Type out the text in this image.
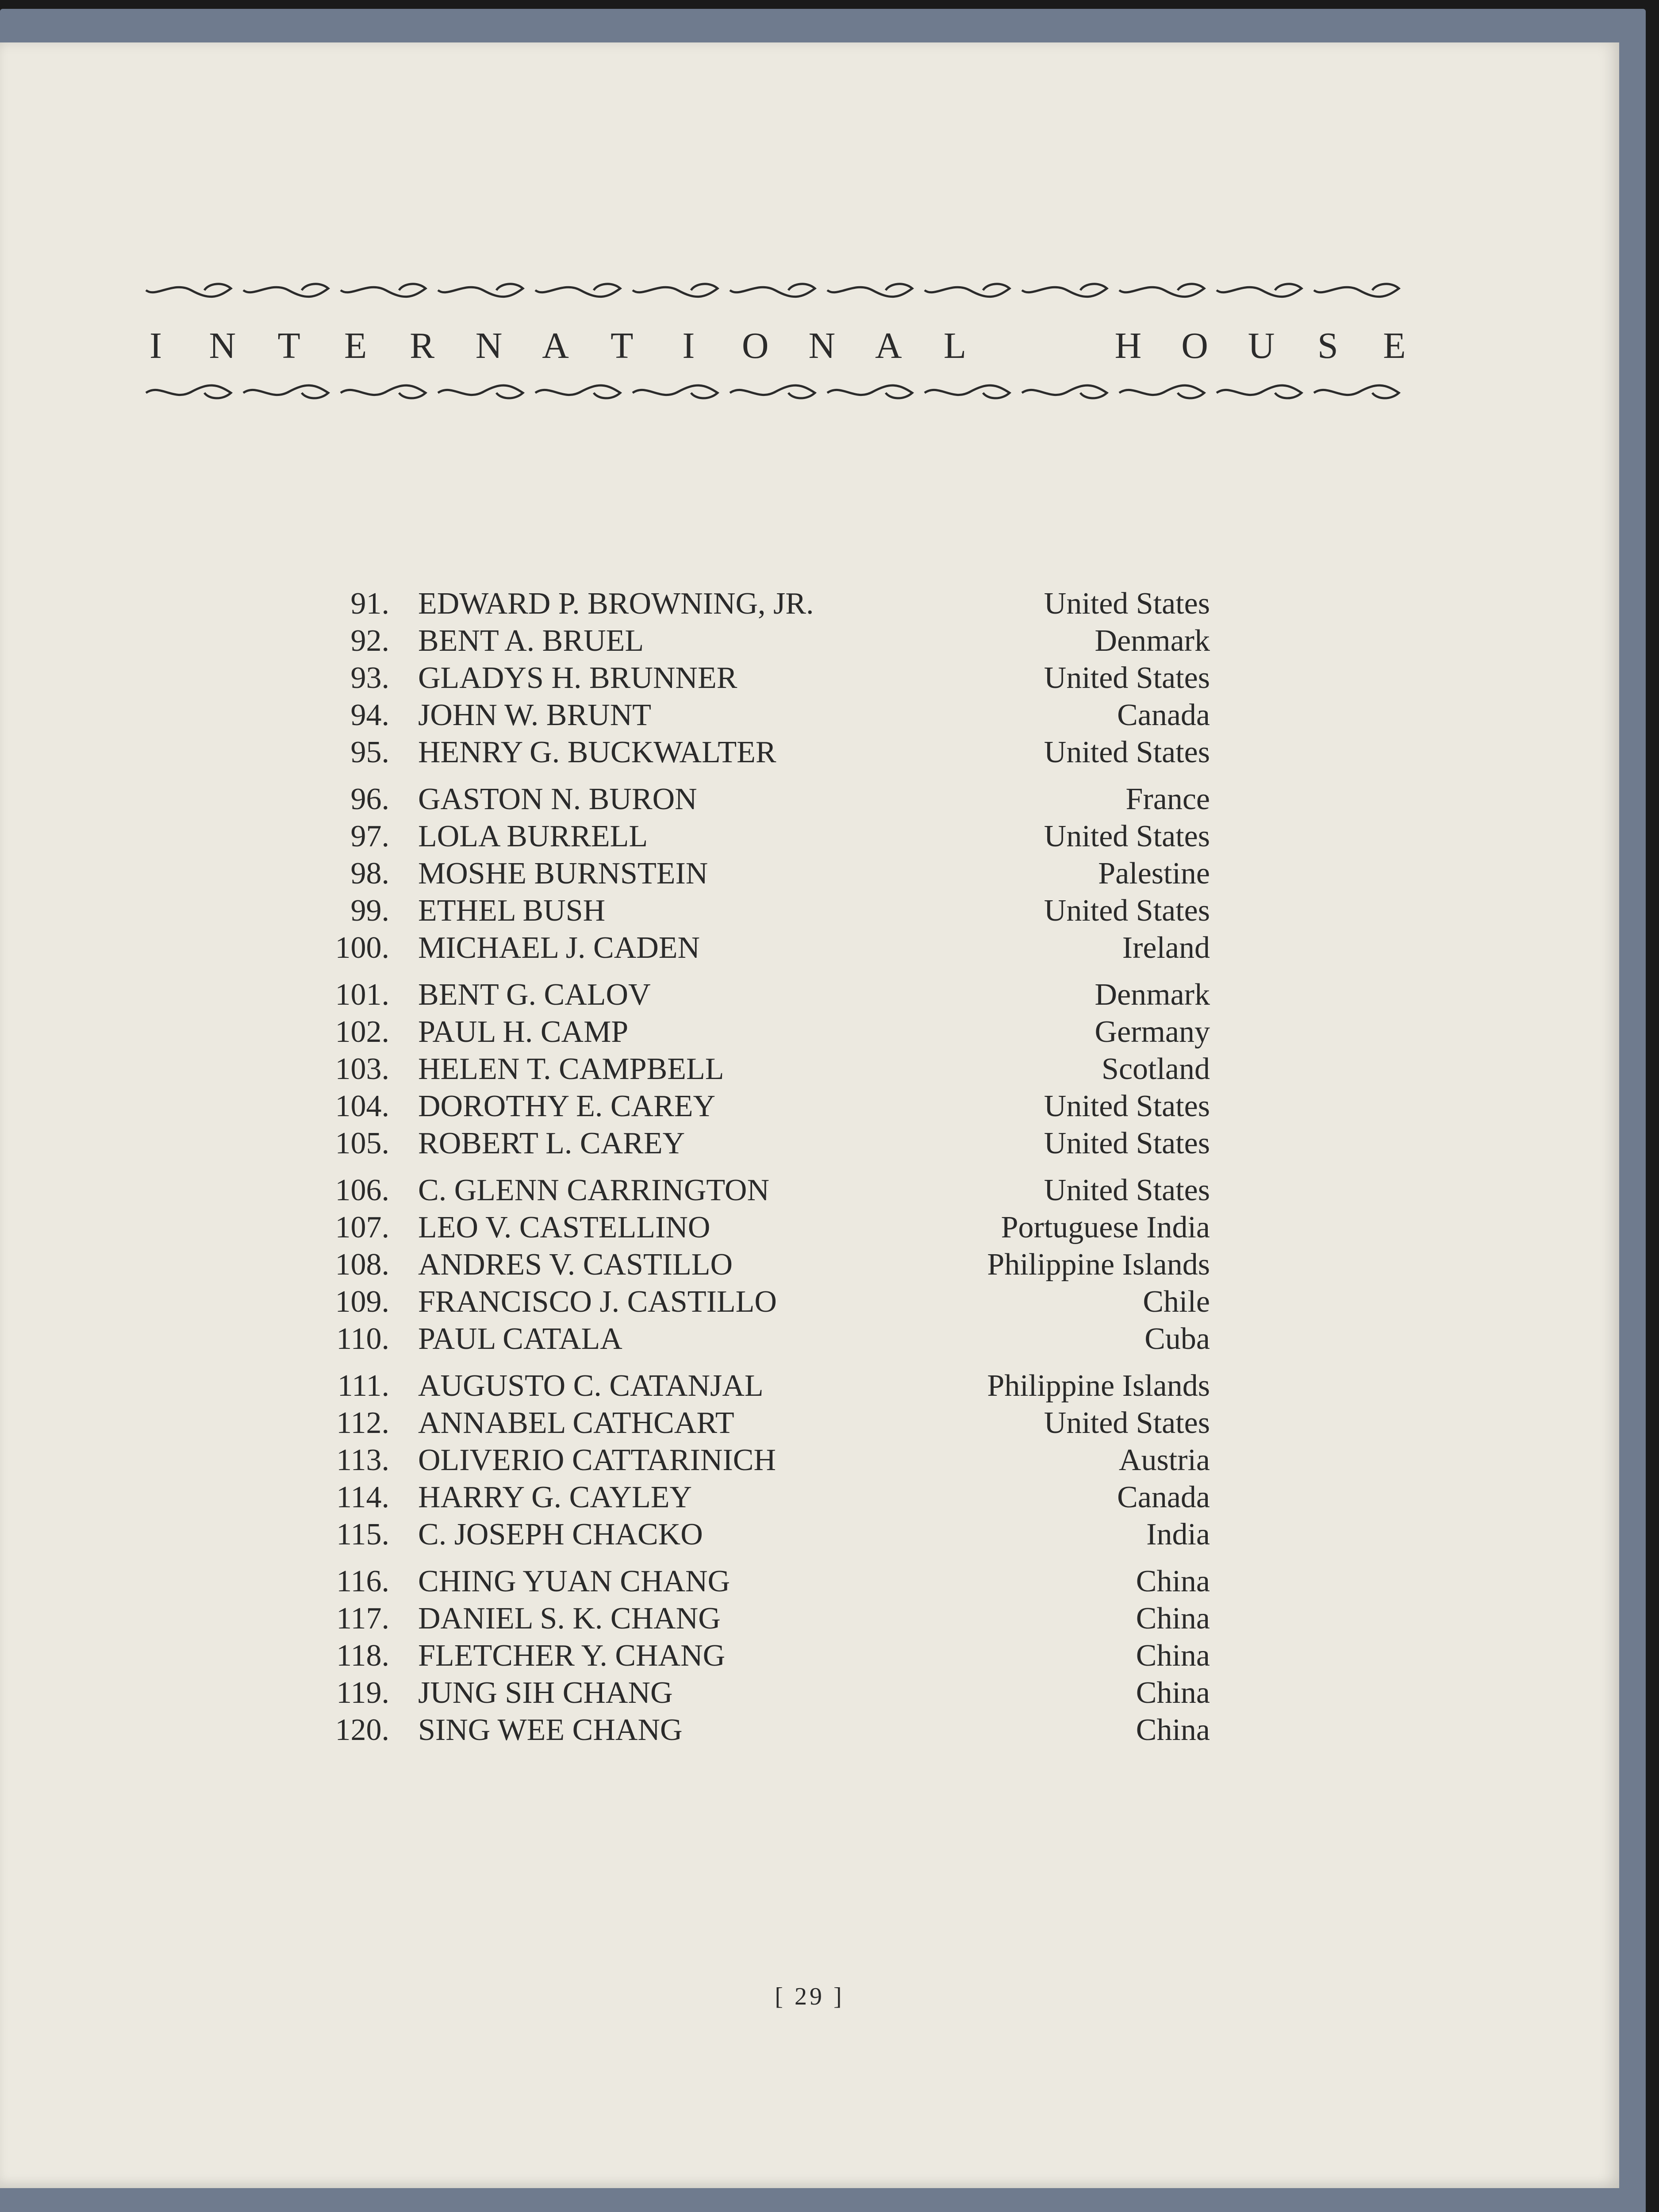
I N T E R N A T I O N A L	H O U S E
91. EDWARD P. BROWNING, JR.	United States
92. BENT A. BRUEL	Denmark
93. GLADYS H. BRUNNER	United States
94. JOHN W. BRUNT	Canada
95. HENRY G. BUCKWALTER	United States
96. GASTON N. BURON	France
97. LOLA BURRELL	United States
98. MOSHE BURNSTEIN	Palestine
99. ETHEL BUSH	United States
100. MICHAEL J. CADEN	Ireland
101. BENT G. CALOV	Denmark
102. PAUL H. CAMP	Germany
103. HELEN T. CAMPBELL	Scotland
104. DOROTHY E. CAREY	United States
105. ROBERT L. CAREY	United States
106. C. GLENN CARRINGTON	United States
107. LEO V. CASTELLINO	Portuguese India
108. ANDRES V. CASTILLO	Philippine Islands
109. FRANCISCO J. CASTILLO	Chile
110. PAUL CATALA	Cuba
111. AUGUSTO C. CATANJAL	Philippine Islands
112. ANNABEL CATHCART	United States
113. OLIVERIO CATTARINICH	Austria
114. HARRY G. CAYLEY	Canada
115. C. JOSEPH CHACKO	India
116. CHING YUAN CHANG	China
117. DANIEL S. K. CHANG	China
118. FLETCHER Y. CHANG	China
119. JUNG SIH CHANG	China
120. SING WEE CHANG	China
[ 29 ]
